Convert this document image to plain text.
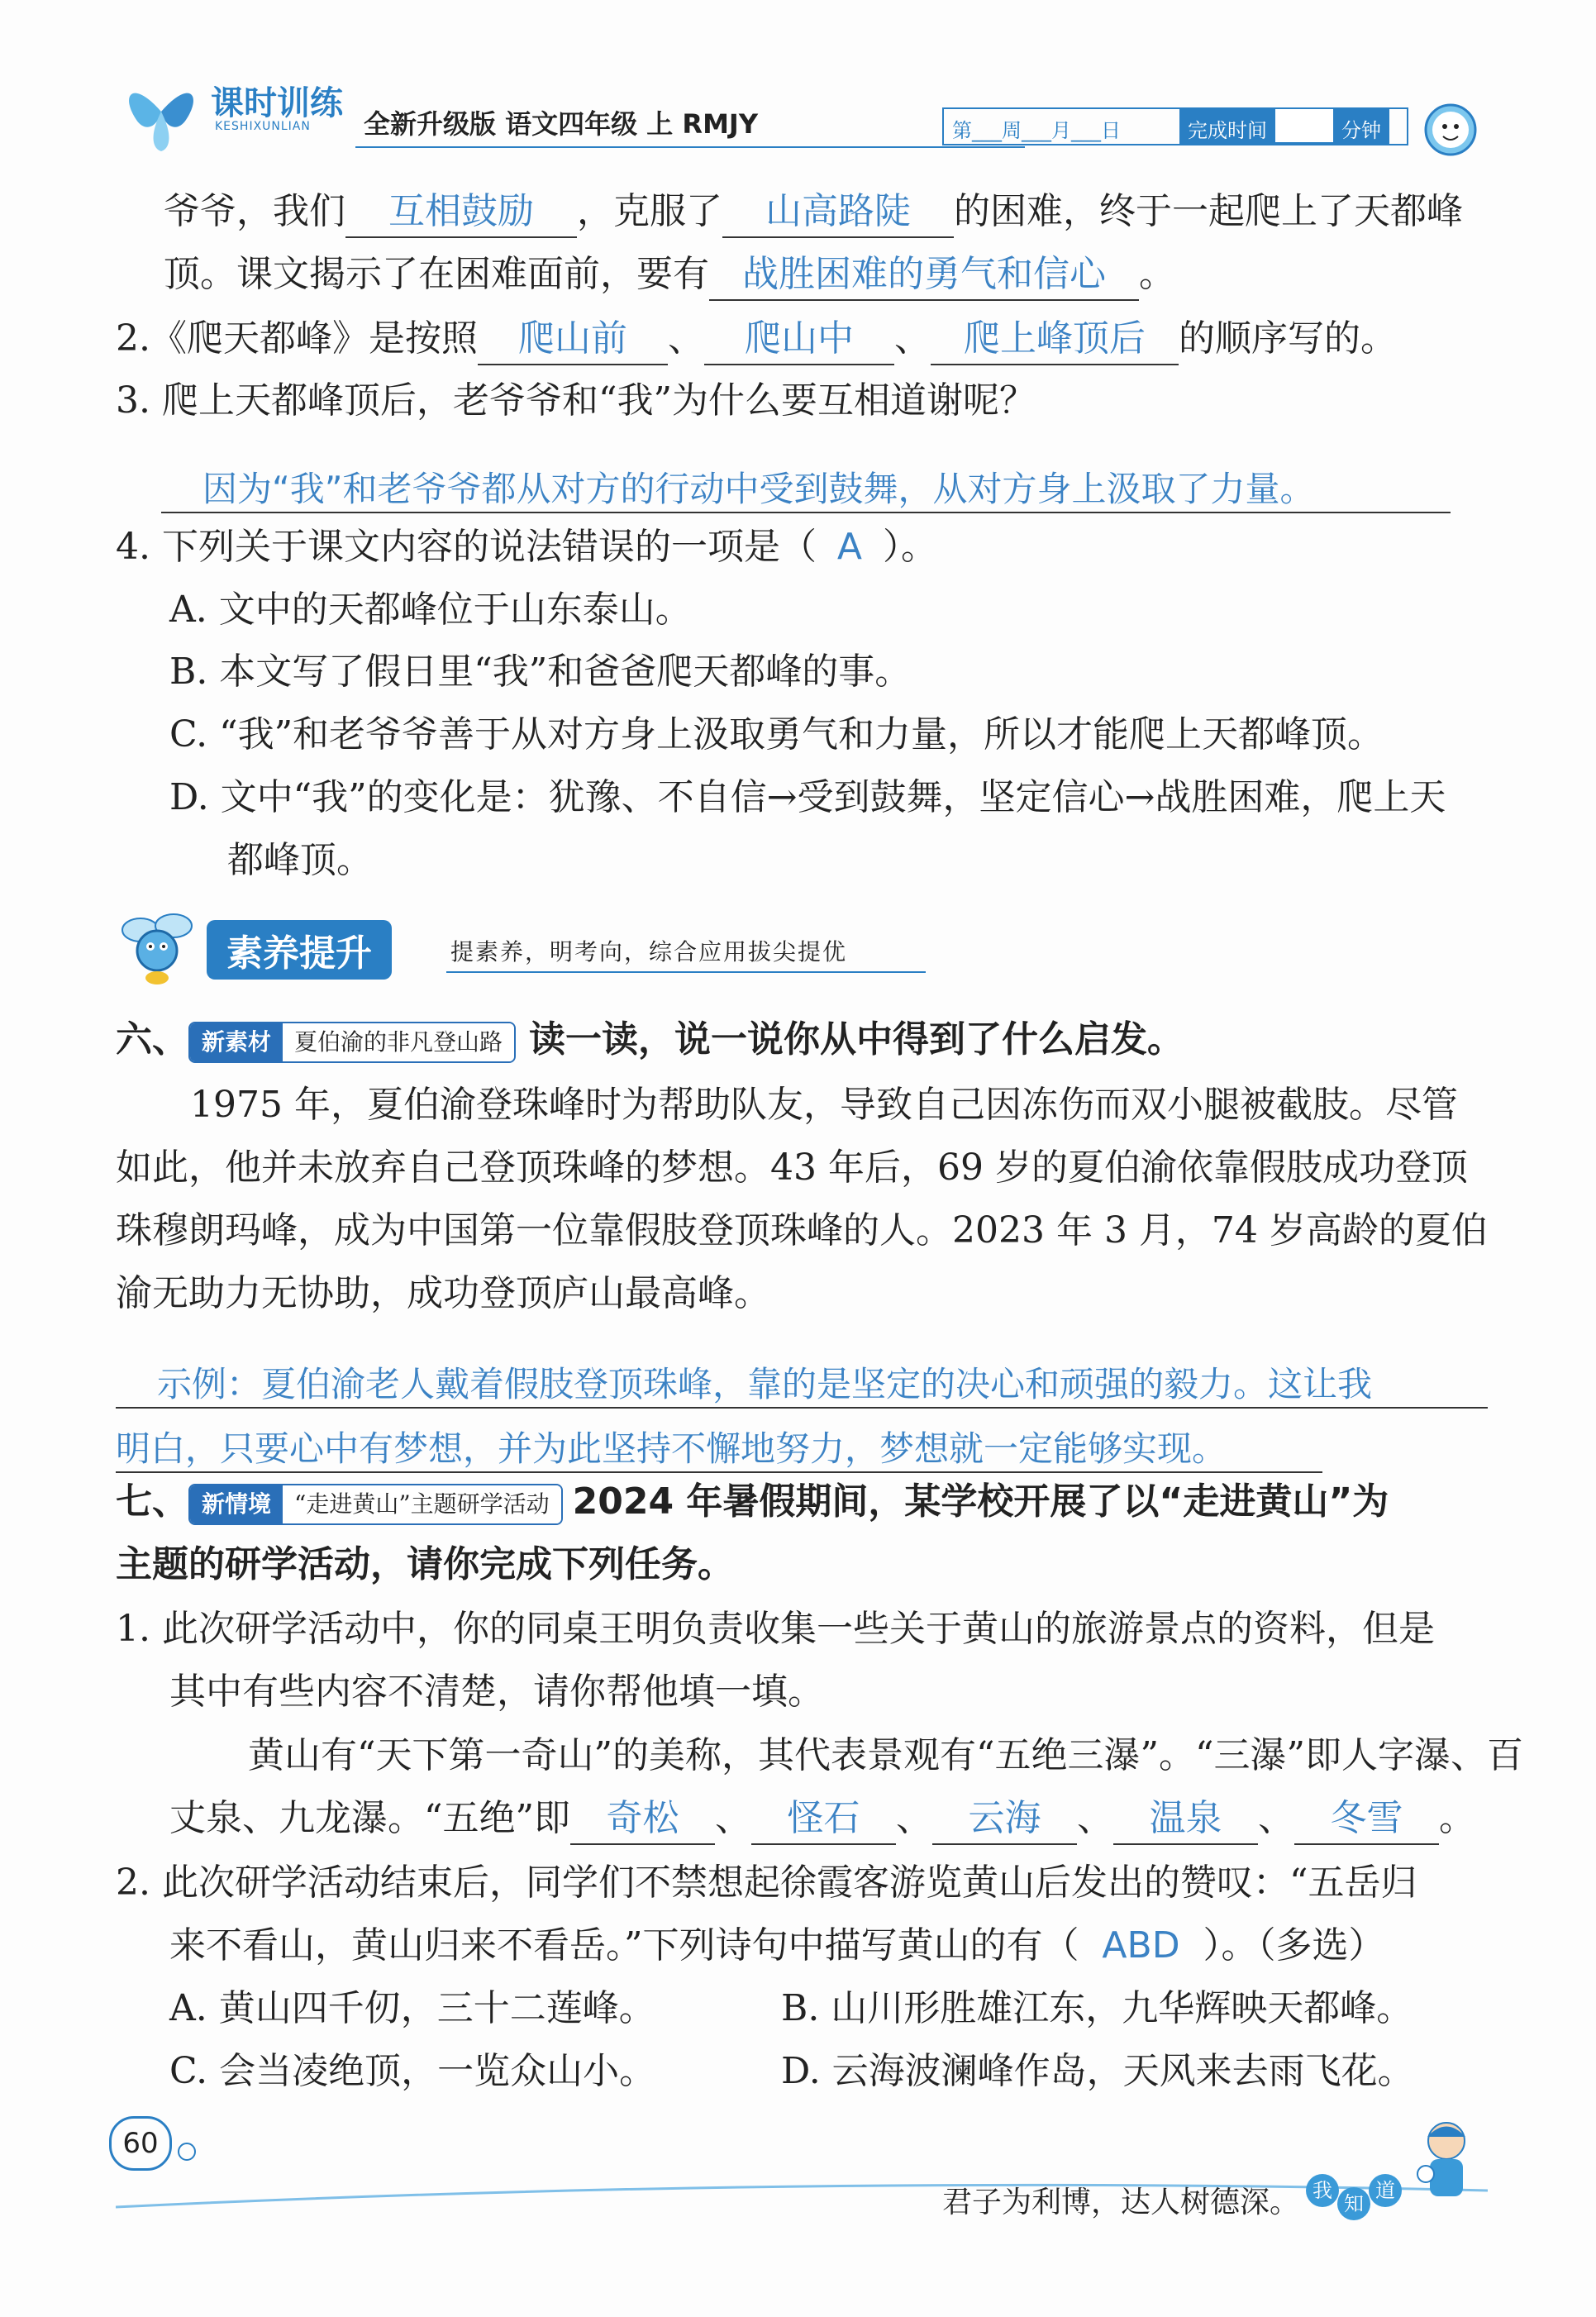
课时训练
KESHIXUNLIAN 全新升级版 语文四年级 上 RMJY	第___周___月___日	完成时间	分钟
爷爷，我们 互相鼓励 ，克服了 山高路陡 的困难，终于一起爬上了天都峰
顶。课文揭示了在困难面前，要有 战胜困难的勇气和信心 。
2.《爬天都峰》是按照 爬山前 、 爬山中 、 爬上峰顶后 的顺序写的。
3. 爬上天都峰顶后，老爷爷和“我”为什么要互相道谢呢？
因为“我”和老爷爷都从对方的行动中受到鼓舞，从对方身上汲取了力量。
4. 下列关于课文内容的说法错误的一项是（ A ）。
A. 文中的天都峰位于山东泰山。
B. 本文写了假日里“我”和爸爸爬天都峰的事。
C. “我”和老爷爷善于从对方身上汲取勇气和力量，所以才能爬上天都峰顶。
D. 文中“我”的变化是：犹豫、不自信→受到鼓舞，坚定信心→战胜困难，爬上天
都峰顶。
素养提升	提素养，明考向，综合应用拔尖提优
六、 新素材	夏伯渝的非凡登山路 读一读，说一说你从中得到了什么启发。
1975 年，夏伯渝登珠峰时为帮助队友，导致自己因冻伤而双小腿被截肢。尽管
如此，他并未放弃自己登顶珠峰的梦想。43 年后，69 岁的夏伯渝依靠假肢成功登顶
珠穆朗玛峰，成为中国第一位靠假肢登顶珠峰的人。2023 年 3 月，74 岁高龄的夏伯
渝无助力无协助，成功登顶庐山最高峰。
示例：夏伯渝老人戴着假肢登顶珠峰，靠的是坚定的决心和顽强的毅力。这让我
明白，只要心中有梦想，并为此坚持不懈地努力，梦想就一定能够实现。
七、 新情境	“走进黄山”主题研学活动 2024 年暑假期间，某学校开展了以“走进黄山”为
主题的研学活动，请你完成下列任务。
1. 此次研学活动中，你的同桌王明负责收集一些关于黄山的旅游景点的资料，但是
其中有些内容不清楚，请你帮他填一填。
黄山有“天下第一奇山”的美称，其代表景观有“五绝三瀑”。“三瀑”即人字瀑、百
丈泉、九龙瀑。“五绝”即 奇松 、 怪石 、 云海 、 温泉 、 冬雪 。
2. 此次研学活动结束后，同学们不禁想起徐霞客游览黄山后发出的赞叹：“五岳归
来不看山，黄山归来不看岳。”下列诗句中描写黄山的有（ ABD ）。（多选）
A. 黄山四千仞，三十二莲峰。	B. 山川形胜雄江东，九华辉映天都峰。
C. 会当凌绝顶，一览众山小。	D. 云海波澜峰作岛，天风来去雨飞花。
60
君子为利博，达人树德深。 我
知
道
